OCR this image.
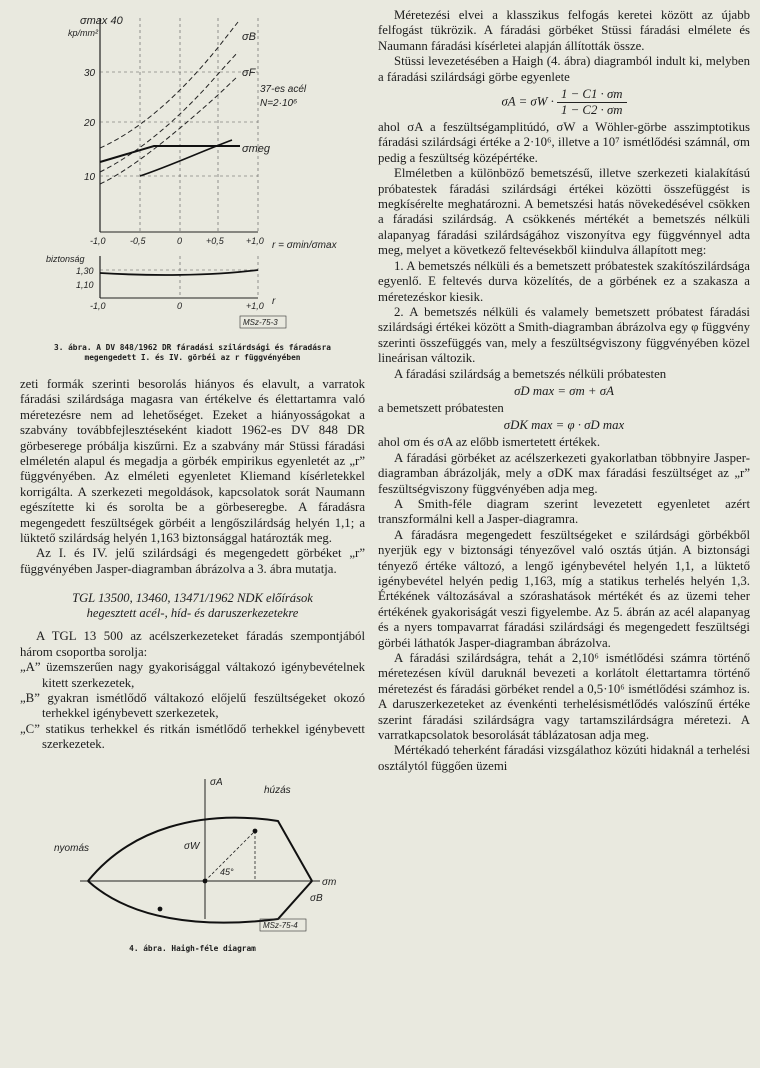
σmax 40
kp/mm²
30
20
10
37-es acél
N=2·10⁶
σB
σF
σmeg
-1,0	-0,5	0	+0,5 +1,0 r = σmin/σmax
biztonság
1,30
1,10
-1,0	0	+1,0 r
MSz-75-3
3. ábra. A DV 848/1962 DR fáradási szilárdsági és fáradásra
megengedett I. és IV. görbéi az r függvényében

zeti formák szerinti besorolás hiányos és elavult, a varratok fáradási szilárdsága magasra van értékelve és élettartamra való méretezésre nem ad lehetőséget. Ezeket a hiányosságokat a szabvány továbbfejlesztéseként kiadott 1962-es DV 848 DR görbeserege próbálja kiszűrni. Ez a szabvány már Stüssi fáradási elméletén alapul és megadja a görbék empirikus egyenletét az „r” függvényében. Az elméleti egyenletet Kliemand kísérletekkel korrigálta. A szerkezeti megoldások, kapcsolatok sorát Naumann egészítette ki és sorolta be a görbeseregbe. A fáradásra megengedett feszültségek görbéit a lengőszilárdság helyén 1,1; a lüktető szilárdság helyén 1,163 biztonsággal határozták meg.

Az I. és IV. jelű szilárdsági és megengedett görbéket „r” függvényében Jasper-diagramban ábrázolva a 3. ábra mutatja.

TGL 13500, 13460, 13471/1962 NDK előírások

hegesztett acél-, híd- és daruszerkezetekre

A TGL 13 500 az acélszerkezeteket fáradás szempontjából három csoportba sorolja:

„A” üzemszerűen nagy gyakorisággal váltakozó igénybevételnek kitett szerkezetek,
„B” gyakran ismétlődő váltakozó előjelű feszültségeket okozó terhekkel igénybevett szerkezetek,
„C” statikus terhekkel és ritkán ismétlődő terhekkel igénybevett szerkezetek.
nyomás
húzás
σA
σW
45°
σB
σm
MSz-75-4
4. ábra. Haigh-féle diagram

Méretezési elvei a klasszikus felfogás keretei között az újabb felfogást tükrözik. A fáradási görbéket Stüssi fáradási elmélete és Naumann fáradási kísérletei alapján állították össze.

Stüssi levezetésében a Haigh (4. ábra) diagramból indult ki, melyben a fáradási szilárdsági görbe egyenlete

$\sigma A = \sigma W \cdot \frac{1 - C1 \cdot \sigma m}{1 - C2 \cdot \sigma m}$

ahol σA a feszültségamplitúdó, σW a Wöhler-görbe asszimptotikus fáradási szilárdsági értéke a 2·10⁶, illetve a 10⁷ ismétlődési számnál, σm pedig a feszültség középértéke.

Elméletben a különböző bemetszésű, illetve szerkezeti kialakítású próbatestek fáradási szilárdsági értékei közötti összefüggést is megkísérelte meghatározni. A bemetszési hatás növekedésével csökken a fáradási szilárdság. A csökkenés mértékét a bemetszés nélküli alapanyag fáradási szilárdságához viszonyítva egy függvénnyel adta meg, melyet a következő feltevésekből kiindulva állapított meg:

1. A bemetszés nélküli és a bemetszett próbatestek szakítószilárdsága egyenlő. E feltevés durva közelítés, de a görbének ez a szakasza a méretezéskor kiesik.

2. A bemetszés nélküli és valamely bemetszett próbatest fáradási szilárdsági értékei között a Smith-diagramban ábrázolva egy φ függvény szerinti összefüggés van, mely a feszültségviszony függvényében közel lineárisan változik.

A fáradási szilárdság a bemetszés nélküli próbatesten

σD max = σm + σA

a bemetszett próbatesten

σDK max = φ · σD max

ahol σm és σA az előbb ismertetett értékek.

A fáradási görbéket az acélszerkezeti gyakorlatban többnyire Jasper-diagramban ábrázolják, mely a σDK max fáradási feszültséget az „r” feszültségviszony függvényében adja meg.

A Smith-féle diagram szerint levezetett egyenletet azért transzformálni kell a Jasper-diagramra.

A fáradásra megengedett feszültségeket e szilárdsági görbékből nyerjük egy ν biztonsági tényezővel való osztás útján. A biztonsági tényező értéke változó, a lengő igénybevétel helyén 1,1, a lüktető igénybevétel helyén pedig 1,163, míg a statikus terhelés helyén 1,3. Értékének változásával a szórashatások mértékét és az üzemi teher értékének gyakoriságát veszi figyelembe. Az 5. ábrán az acél alapanyag és a nyers tompavarrat fáradási szilárdsági és megengedett feszültségi görbéi láthatók Jasper-diagramban ábrázolva.

A fáradási szilárdságra, tehát a 2,10⁶ ismétlődési számra történő méretezésen kívül daruknál bevezeti a korlátolt élettartamra történő méretezést és fáradási görbéket rendel a 0,5·10⁶ ismétlődési számhoz is. A daruszerkezeteket az évenkénti terhelésismétlődés valószínű értéke szerint fáradási szilárdságra vagy tartamszilárdságra méretezi. A varratkapcsolatok besorolását táblázatosan adja meg.

Mértékadó teherként fáradási vizsgálathoz közúti hidaknál a terhelési osztálytól függően üzemi
